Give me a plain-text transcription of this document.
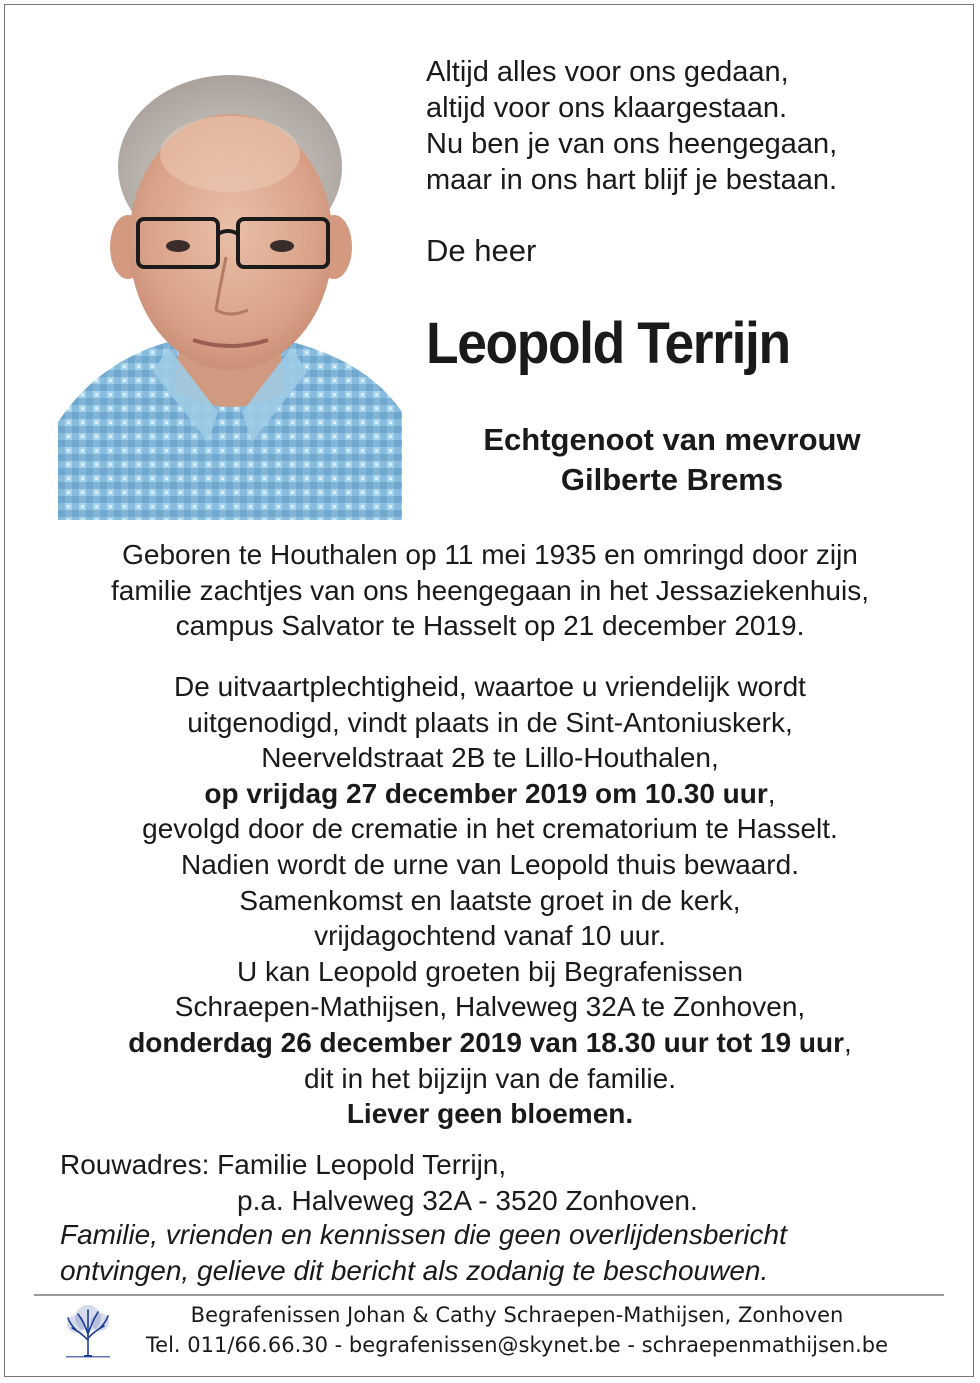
Altijd alles voor ons gedaan,
altijd voor ons klaargestaan.
Nu ben je van ons heengegaan,
maar in ons hart blijf je bestaan.
De heer
Leopold Terrijn
Echtgenoot van mevrouw
Gilberte Brems
Geboren te Houthalen op 11 mei 1935 en omringd door zijn
familie zachtjes van ons heengegaan in het Jessaziekenhuis,
campus Salvator te Hasselt op 21 december 2019.
De uitvaartplechtigheid, waartoe u vriendelijk wordt
uitgenodigd, vindt plaats in de Sint-Antoniuskerk,
Neerveldstraat 2B te Lillo-Houthalen,
op vrijdag 27 december 2019 om 10.30 uur,
gevolgd door de crematie in het crematorium te Hasselt.
Nadien wordt de urne van Leopold thuis bewaard.
Samenkomst en laatste groet in de kerk,
vrijdagochtend vanaf 10 uur.
U kan Leopold groeten bij Begrafenissen
Schraepen-Mathijsen, Halveweg 32A te Zonhoven,
donderdag 26 december 2019 van 18.30 uur tot 19 uur,
dit in het bijzijn van de familie.
Liever geen bloemen.
Rouwadres: Familie Leopold Terrijn,
p.a. Halveweg 32A - 3520 Zonhoven.
Familie, vrienden en kennissen die geen overlijdensbericht
ontvingen, gelieve dit bericht als zodanig te beschouwen.
Begrafenissen Johan & Cathy Schraepen-Mathijsen, Zonhoven
Tel. 011/66.66.30 - begrafenissen@skynet.be - schraepenmathijsen.be
